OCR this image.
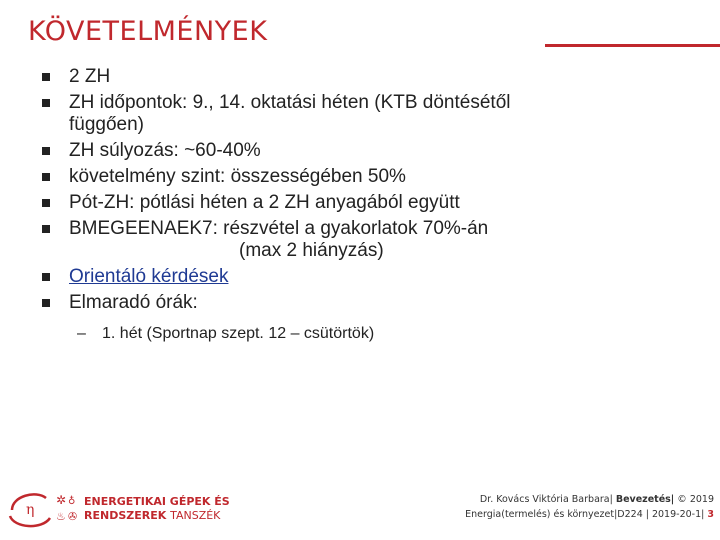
KÖVETELMÉNYEK
2 ZH
ZH időpontok: 9., 14. oktatási héten (KTB döntésétől
függően)
ZH súlyozás: ~60-40%
követelmény szint: összességében 50%
Pót-ZH: pótlási héten a 2 ZH anyagából együtt
BMEGEENAEK7: részvétel a gyakorlatok 70%-án
(max 2 hiányzás)
Orientáló kérdések
Elmaradó órák:
– 1. hét (Sportnap szept. 12 – csütörtök)
η
✲ ♁
♨ ✇
ENERGETIKAI GÉPEK ÉS
RENDSZEREK TANSZÉK
Dr. Kovács Viktória Barbara| Bevezetés| © 2019
Energia(termelés) és környezet|D224 | 2019-20-1| 3
